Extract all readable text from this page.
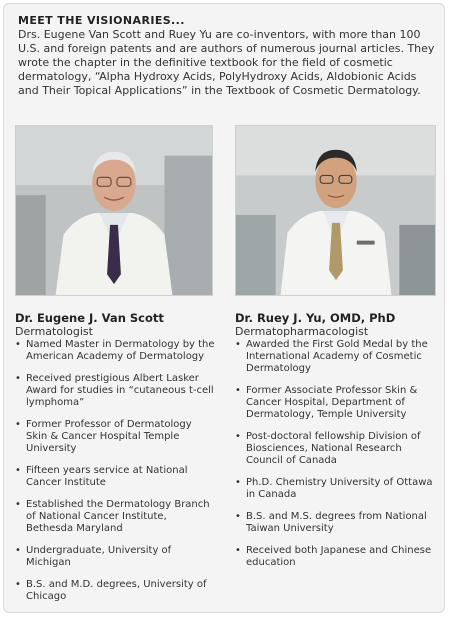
MEET THE VISIONARIES...

Drs. Eugene Van Scott and Ruey Yu are co-inventors, with more than 100 U.S. and foreign patents and are authors of numerous journal articles. They wrote the chapter in the definitive textbook for the field of cosmetic dermatology, “Alpha Hydroxy Acids, PolyHydroxy Acids, Aldobionic Acids and Their Topical Applications” in the Textbook of Cosmetic Dermatology.

Dr. Eugene J. Van Scott
Dermatologist
• Named Master in Dermatology by the American Academy of Dermatology
• Received prestigious Albert Lasker Award for studies in “cutaneous t-cell lymphoma”
• Former Professor of Dermatology Skin & Cancer Hospital Temple University
• Fifteen years service at National Cancer Institute
• Established the Dermatology Branch of National Cancer Institute, Bethesda Maryland
• Undergraduate, University of Michigan
• B.S. and M.D. degrees, University of Chicago
Dr. Ruey J. Yu, OMD, PhD
Dermatopharmacologist
• Awarded the First Gold Medal by the International Academy of Cosmetic Dermatology
• Former Associate Professor Skin & Cancer Hospital, Department of Dermatology, Temple University
• Post-doctoral fellowship Division of Biosciences, National Research Council of Canada
• Ph.D. Chemistry University of Ottawa in Canada
• B.S. and M.S. degrees from National Taiwan University
• Received both Japanese and Chinese education
